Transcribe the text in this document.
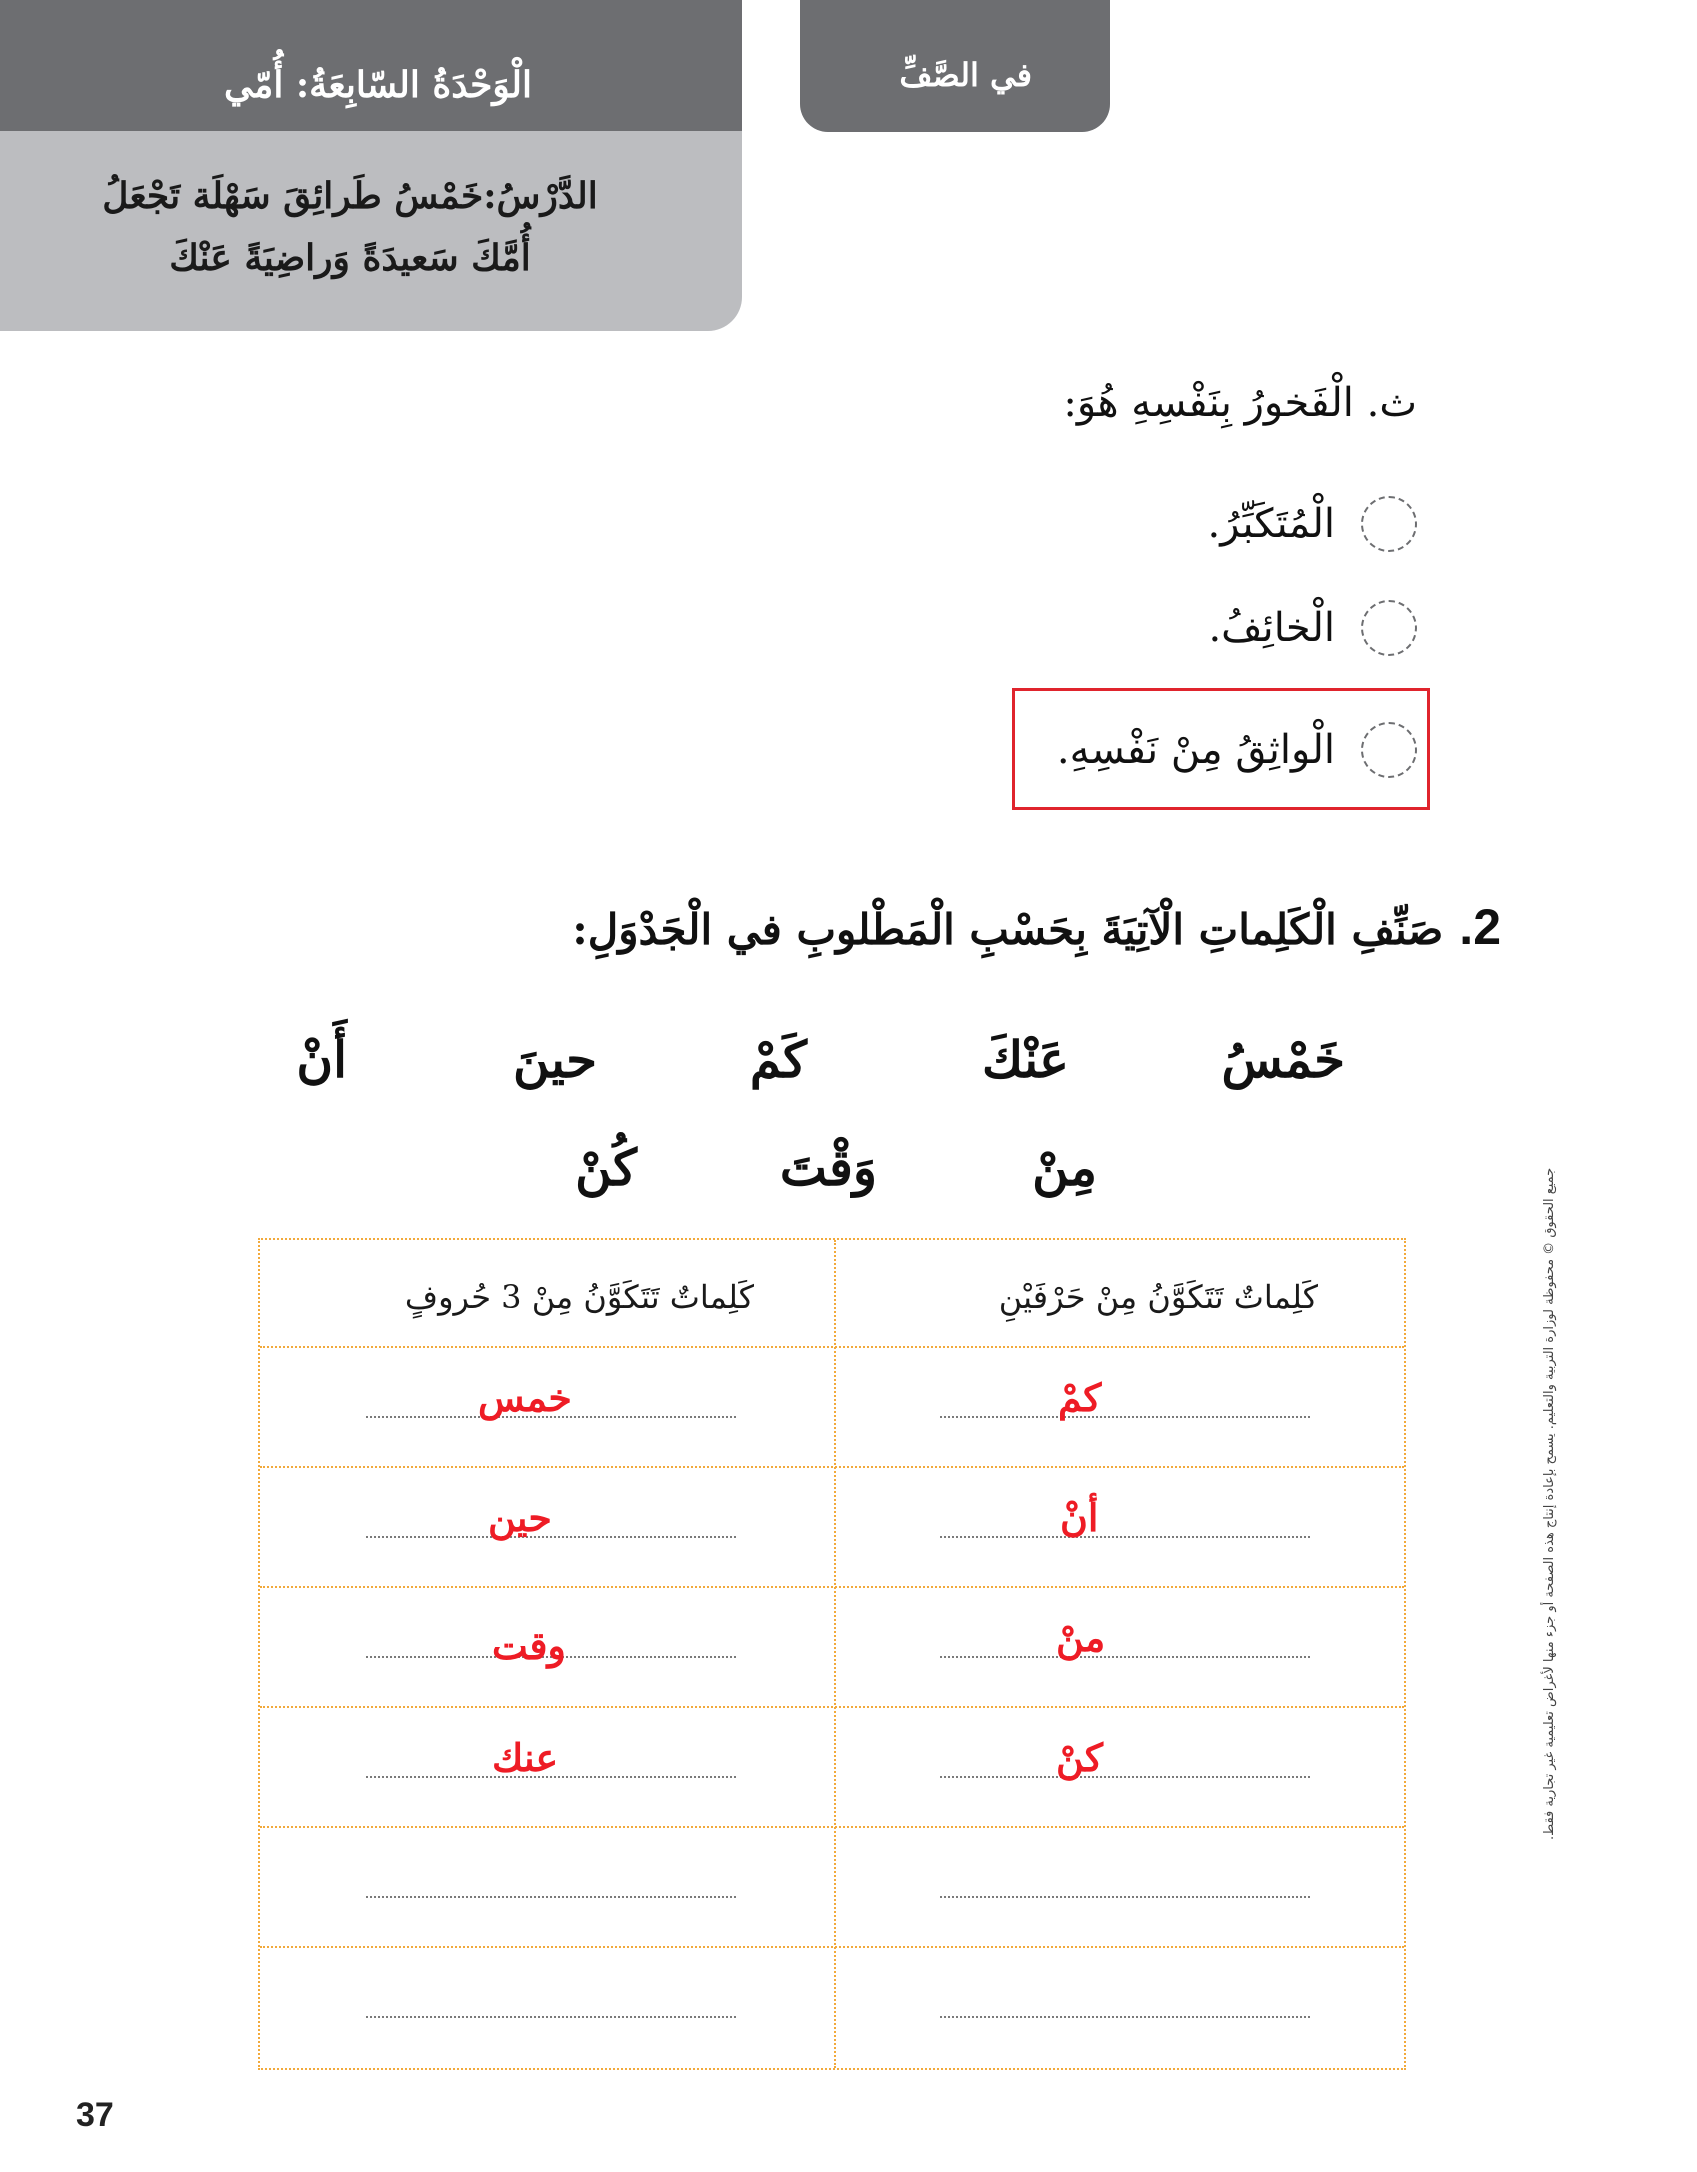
الْوَحْدَةُ السّابِعَةُ: أُمّي
الدَّرْسُ:خَمْسُ طَرائِقَ سَهْلَة تَجْعَلُ أُمَّكَ سَعيدَةً وَراضِيَةً عَنْكَ
في الصَّفِّ
ث. الْفَخورُ بِنَفْسِهِ هُوَ:
الْمُتَكَبِّرُ.
الْخائِفُ.
الْواثِقُ مِنْ نَفْسِهِ.
2.صَنِّفِ الْكَلِماتِ الْآتِيَةَ بِحَسْبِ الْمَطْلوبِ في الْجَدْوَلِ:
خَمْسُ
عَنْكَ
كَمْ
حينَ
أَنْ
مِنْ
وَقْتَ
كُنْ
كَلِماتٌ تَتَكَوَّنُ مِنْ حَرْفَيْنِ
كَلِماتٌ تَتَكَوَّنُ مِنْ 3 حُروفٍ
كمْ
خمس
أنْ
حين
منْ
وقت
كنْ
عنك	جميع الحقوق © محفوظة لوزارة التربية والتعليم. يسمح بإعادة إنتاج هذه الصفحة أو جزء منها لأغراض تعليمية غير تجارية فقط.
37
